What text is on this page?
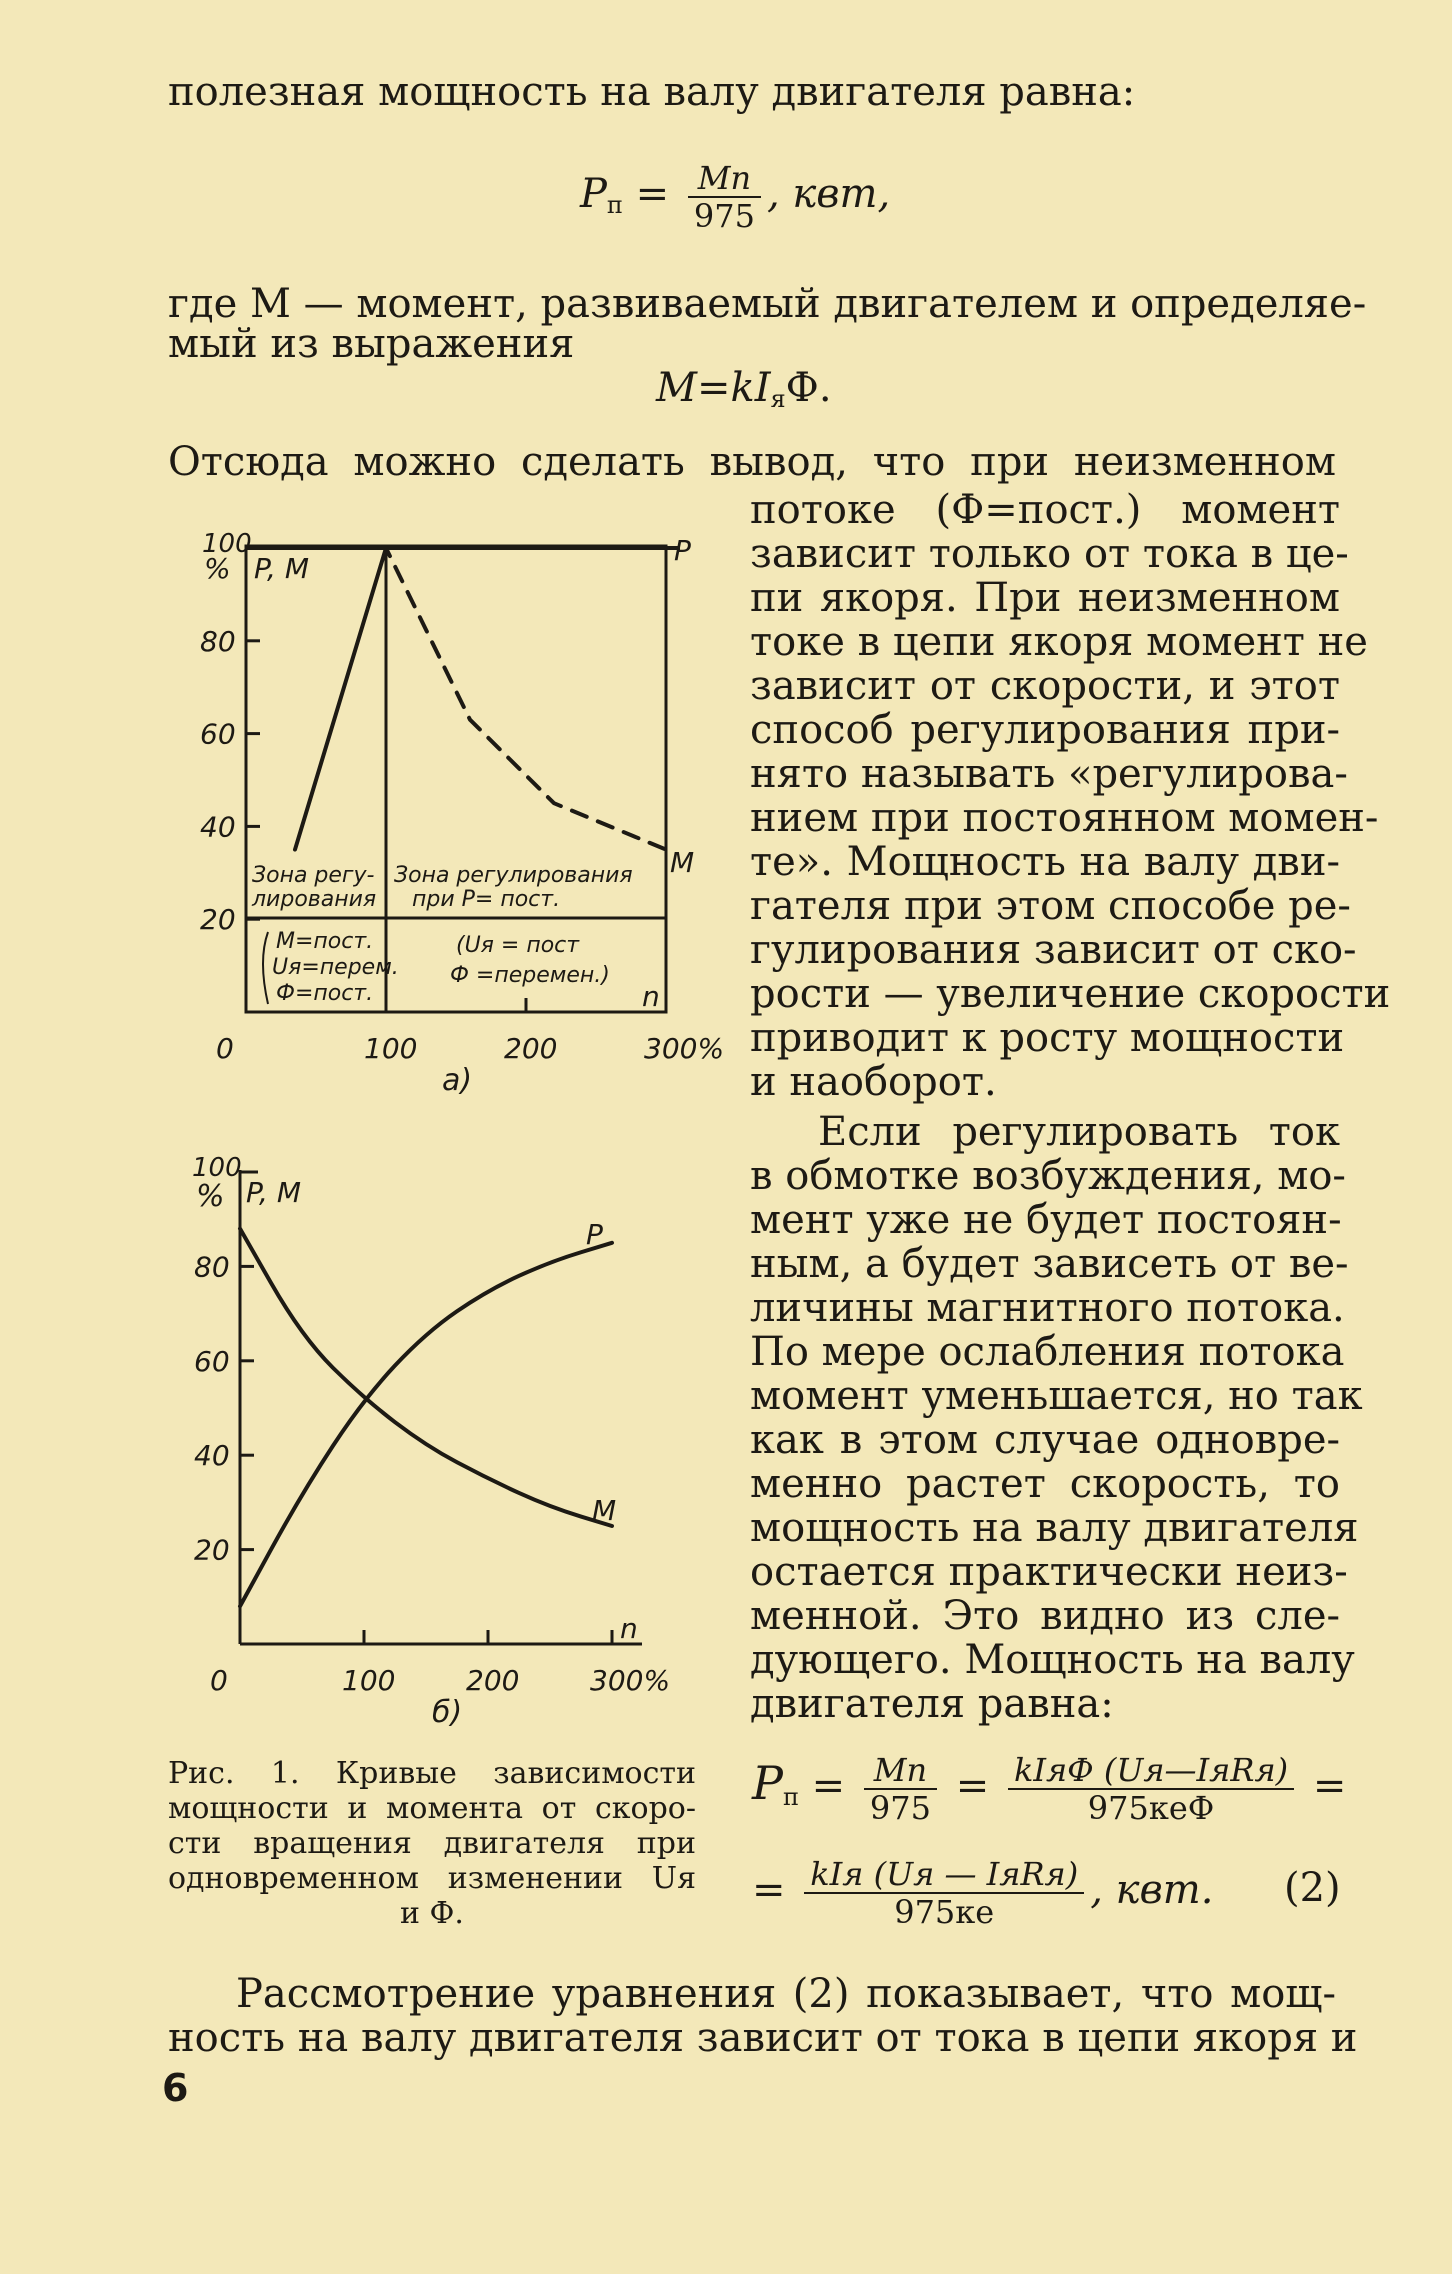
полезная мощность на валу двигателя равна:
$P_п = \frac{Mn}{975}$ , квт,
где M — момент, развиваемый двигателем и определяе-
мый из выражения
$M=kI_яФ$.
Отсюда можно сделать вывод, что при неизменном
потоке (Ф=пост.) момент
зависит только от тока в це-
пи якоря. При неизменном
токе в цепи якоря момент не
зависит от скорости, и этот
способ регулирования при-
нято называть «регулирова-
нием при постоянном момен-
те». Мощность на валу дви-
гателя при этом способе ре-
гулирования зависит от ско-
рости — увеличение скорости
приводит к росту мощности
и наоборот.
Если регулировать ток
в обмотке возбуждения, мо-
мент уже не будет постоян-
ным, а будет зависеть от ве-
личины магнитного потока.
По мере ослабления потока
момент уменьшается, но так
как в этом случае одновре-
менно растет скорость, то
мощность на валу двигателя
остается практически неиз-
менной. Это видно из сле-
дующего. Мощность на валу
двигателя равна:
$P_п = \frac{Mn}{975} = \frac{\text{kIяФ (Uя—IяRя)}}{\text{975кеФ}}$ =
= $\frac{\text{kIя (Uя — IяRя)}}{975ке}$ , квт. (2)
Рис. 1. Кривые зависимости
мощности и момента от скоро-
сти вращения двигателя при
одновременном изменении Uя
и Ф.
Рассмотрение уравнения (2) показывает, что мощ-
ность на валу двигателя зависит от тока в цепи якоря и
6
80
60
40
20
0	100	200	300%
100
% P, M
P
M
n
Зона регу-
лирования
Зона регулирования
при P= пост.
M=пост.
Uя=перем.
Ф=пост.
(Uя = пост
Ф =перемен.)
а)
80
60
40
20
0	100	200	300%
100
% P, M
P
M
n
б)
